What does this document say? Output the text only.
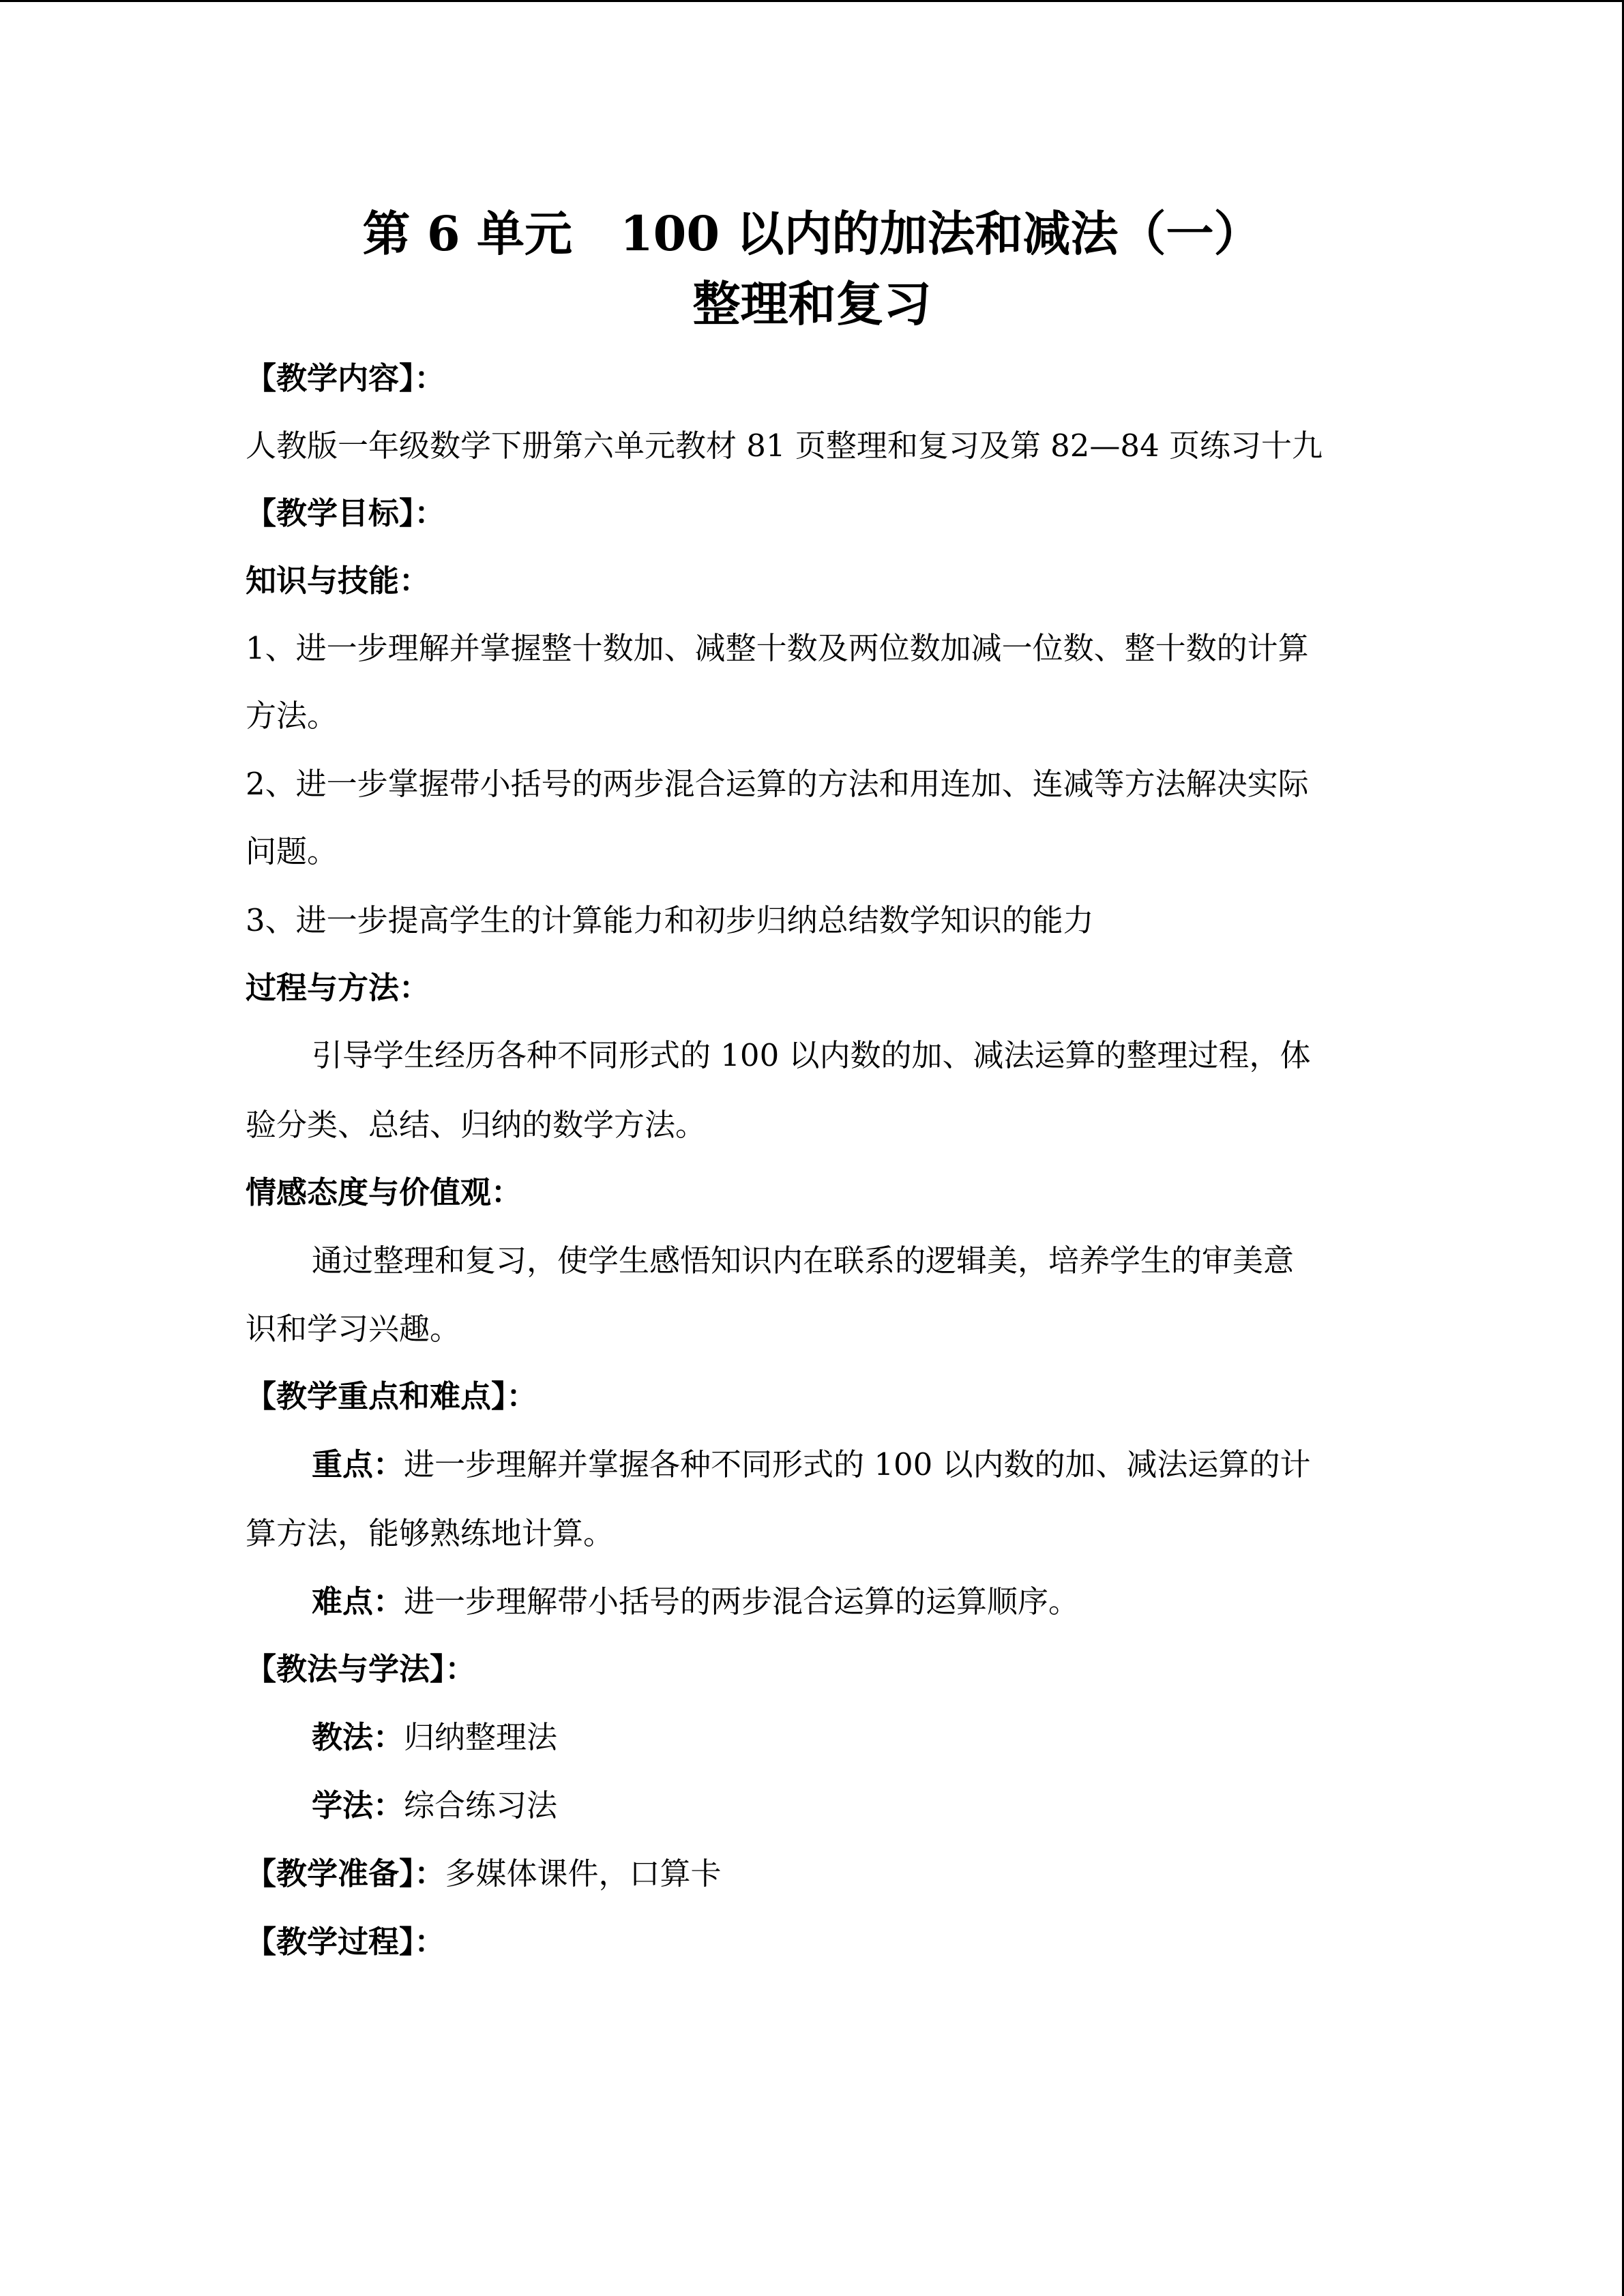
第 6 单元　100 以内的加法和减法（一）
整理和复习
【教学内容】：
人教版一年级数学下册第六单元教材 81 页整理和复习及第 82—84 页练习十九
【教学目标】：
知识与技能：
1、进一步理解并掌握整十数加、减整十数及两位数加减一位数、整十数的计算
方法。
2、进一步掌握带小括号的两步混合运算的方法和用连加、连减等方法解决实际
问题。
3、进一步提高学生的计算能力和初步归纳总结数学知识的能力
过程与方法：
引导学生经历各种不同形式的 100 以内数的加、减法运算的整理过程，体
验分类、总结、归纳的数学方法。
情感态度与价值观：
通过整理和复习，使学生感悟知识内在联系的逻辑美，培养学生的审美意
识和学习兴趣。
【教学重点和难点】：
重点：进一步理解并掌握各种不同形式的 100 以内数的加、减法运算的计
算方法，能够熟练地计算。
难点：进一步理解带小括号的两步混合运算的运算顺序。
【教法与学法】：
教法：归纳整理法
学法：综合练习法
【教学准备】：多媒体课件，口算卡
【教学过程】：
